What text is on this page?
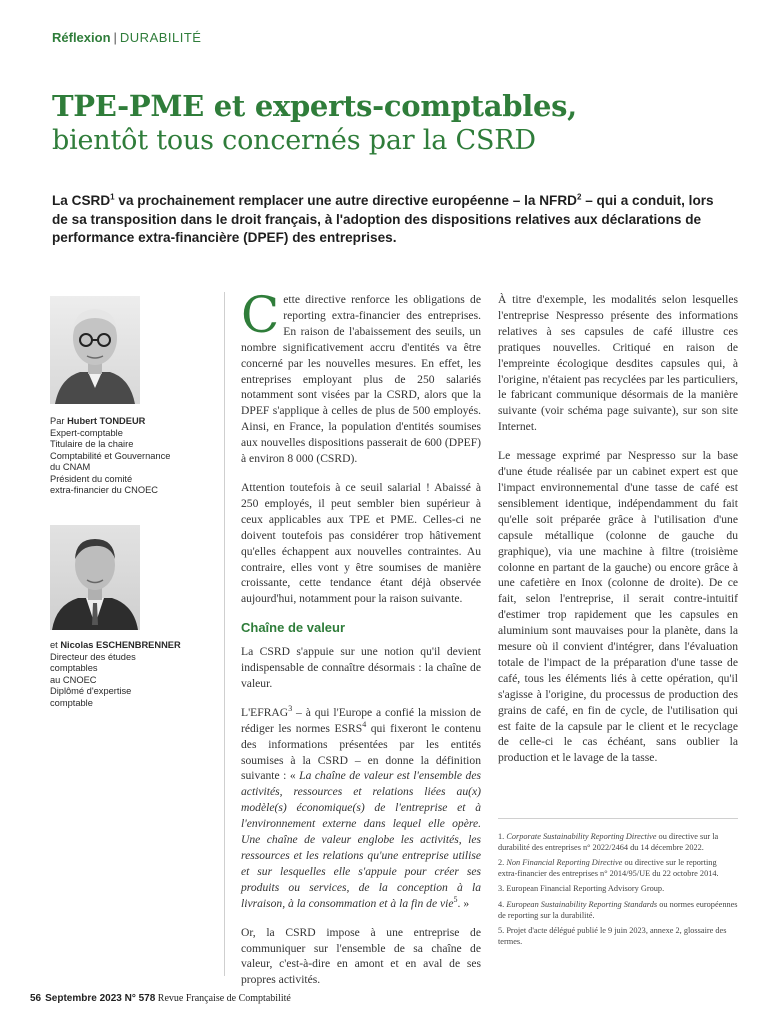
Réflexion | DURABILITÉ
TPE-PME et experts-comptables,
bientôt tous concernés par la CSRD
La CSRD$^1$ va prochainement remplacer une autre directive européenne – la NFRD$^2$ – qui a conduit, lors de sa transposition dans le droit français, à l'adoption des dispositions relatives aux déclarations de performance extra-financière (DPEF) des entreprises.
Par Hubert TONDEUR
Expert-comptable
Titulaire de la chaire
Comptabilité et Gouvernance
du CNAM
Président du comité
extra-financier du CNOEC
et Nicolas ESCHENBRENNER
Directeur des études
comptables
au CNOEC
Diplômé d'expertise
comptable

Cette directive renforce les obligations de reporting extra-financier des entreprises. En raison de l'abaissement des seuils, un nombre significativement accru d'entités va être concerné par les nouvelles mesures. En effet, les entreprises employant plus de 250 salariés notamment sont visées par la CSRD, alors que la DPEF s'applique à celles de plus de 500 employés. Ainsi, en France, la population d'entités soumises aux nouvelles dispositions passerait de 600 (DPEF) à environ 8 000 (CSRD).

Attention toutefois à ce seuil salarial ! Abaissé à 250 employés, il peut sembler bien supérieur à ceux applicables aux TPE et PME. Celles-ci ne doivent toutefois pas considérer trop hâtivement qu'elles échappent aux nouvelles contraintes. Au contraire, elles vont y être soumises de manière croissante, cette tendance étant déjà observée aujourd'hui, notamment pour la raison suivante.

Chaîne de valeur

La CSRD s'appuie sur une notion qu'il devient indispensable de connaître désormais : la chaîne de valeur.

L'EFRAG$^3$ – à qui l'Europe a confié la mission de rédiger les normes ESRS$^4$ qui fixeront le contenu des informations présentées par les entités soumises à la CSRD – en donne la définition suivante : « La chaîne de valeur est l'ensemble des activités, ressources et relations liées au(x) modèle(s) économique(s) de l'entreprise et à l'environnement externe dans lequel elle opère. Une chaîne de valeur englobe les activités, les ressources et les relations qu'une entreprise utilise et sur lesquelles elle s'appuie pour créer ses produits ou services, de la conception à la livraison, à la consommation et à la fin de vie$^5$. »

Or, la CSRD impose à une entreprise de communiquer sur l'ensemble de sa chaîne de valeur, c'est-à-dire en amont et en aval de ses propres activités.

À titre d'exemple, les modalités selon lesquelles l'entreprise Nespresso présente des informations relatives à ses capsules de café illustre ces pratiques nouvelles. Critiqué en raison de l'empreinte écologique desdites capsules qui, à l'origine, n'étaient pas recyclées par les particuliers, le fabricant communique désormais de la manière suivante (voir schéma page suivante), sur son site Internet.

Le message exprimé par Nespresso sur la base d'une étude réalisée par un cabinet expert est que l'impact environnemental d'une tasse de café est sensiblement identique, indépendamment du fait qu'elle soit préparée grâce à l'utilisation d'une capsule métallique (colonne de gauche du graphique), via une machine à filtre (troisième colonne en partant de la gauche) ou encore grâce à une cafetière en Inox (colonne de droite). De ce fait, selon l'entreprise, il serait contre-intuitif d'estimer trop rapidement que les capsules en aluminium sont mauvaises pour la planète, dans la mesure où il convient d'intégrer, dans l'évaluation totale de l'impact de la préparation d'une tasse de café, tous les éléments liés à cette opération, qu'il s'agisse à l'origine, du processus de production des grains de café, en fin de cycle, de l'utilisation qui est faite de la capsule par le client et le recyclage de celle-ci le cas échéant, sans oublier la production et le lavage de la tasse.

1. Corporate Sustainability Reporting Directive ou directive sur la durabilité des entreprises n° 2022/2464 du 14 décembre 2022.

2. Non Financial Reporting Directive ou directive sur le reporting extra-financier des entreprises n° 2014/95/UE du 22 octobre 2014.

3. European Financial Reporting Advisory Group.

4. European Sustainability Reporting Standards ou normes européennes de reporting sur la durabilité.

5. Projet d'acte délégué publié le 9 juin 2023, annexe 2, glossaire des termes.

56 Septembre 2023 N° 578 Revue Française de Comptabilité
